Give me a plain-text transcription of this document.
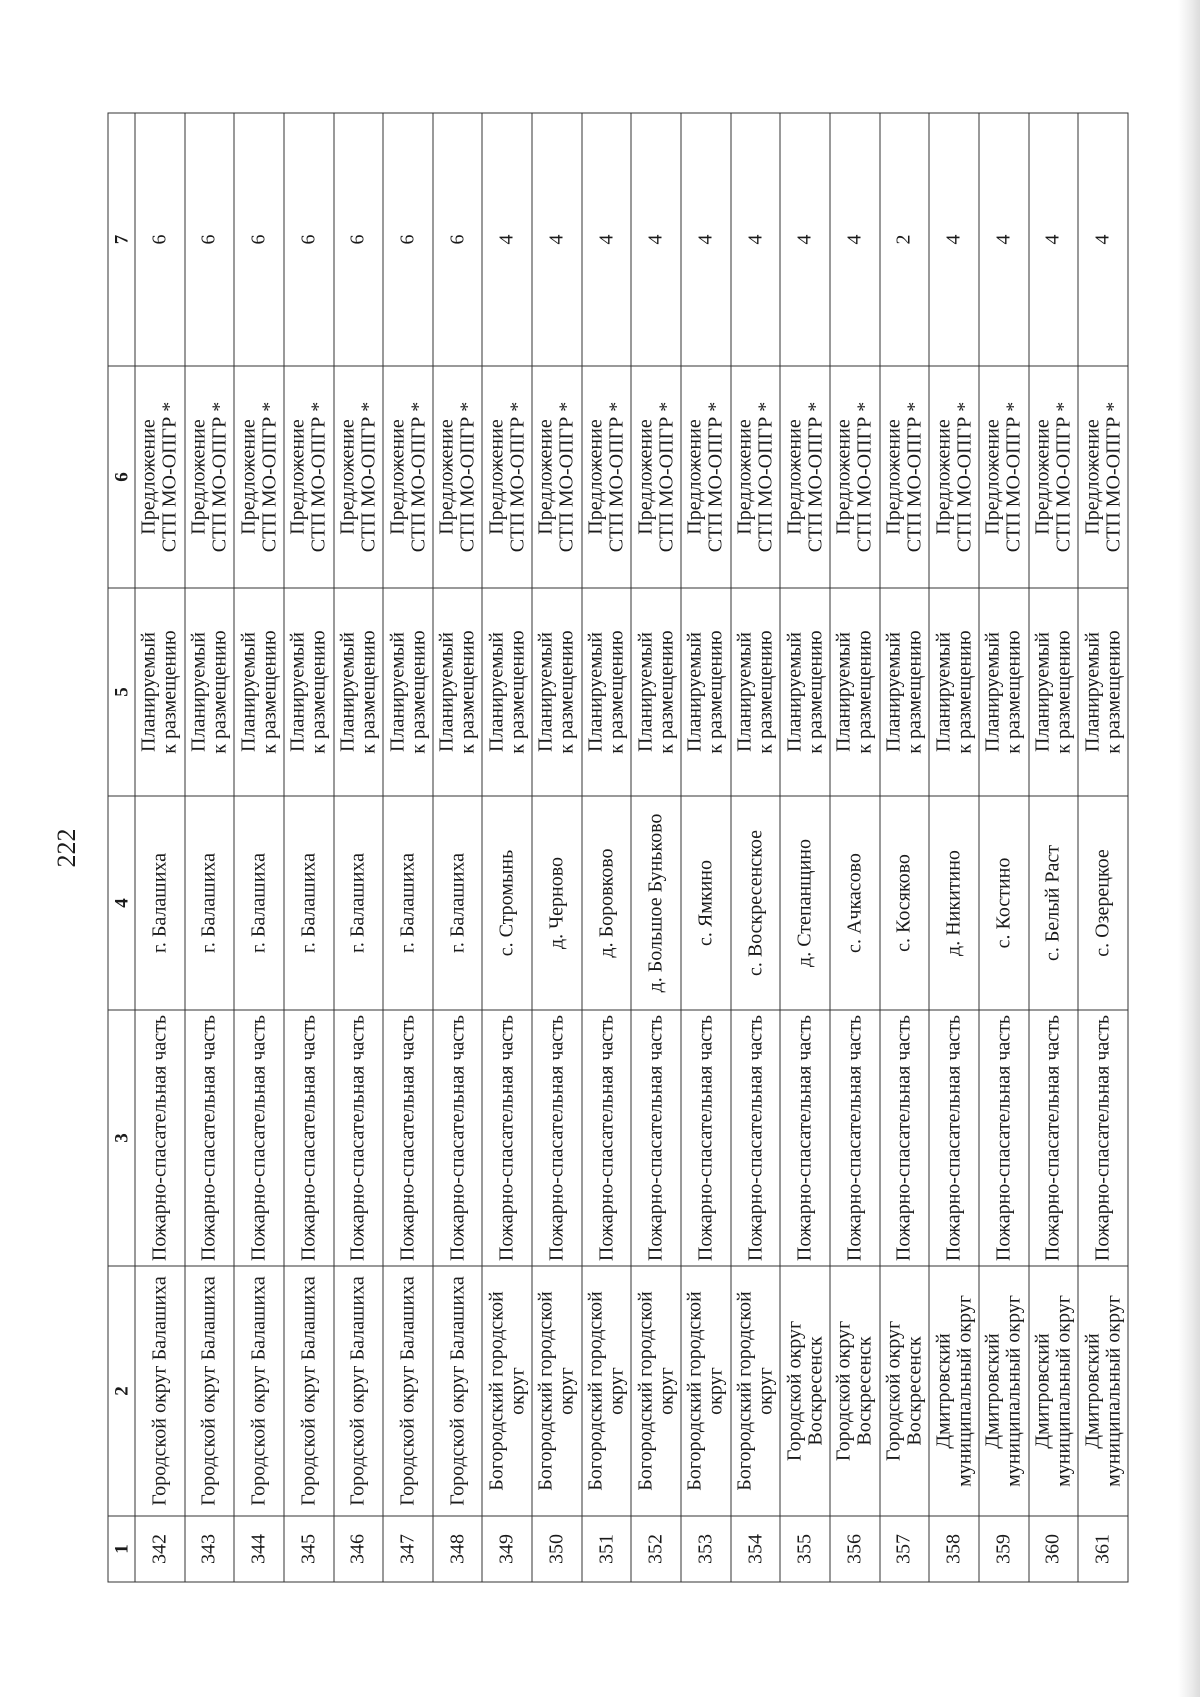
222
1	2	3	4	5	6	7
342	Городской округ Балашиха	Пожарно-спасательная часть	г. Балашиха	Планируемый к размещению	Предложение СТП МО-ОПГР *	6
343	Городской округ Балашиха	Пожарно-спасательная часть	г. Балашиха	Планируемый к размещению	Предложение СТП МО-ОПГР *	6
344	Городской округ Балашиха	Пожарно-спасательная часть	г. Балашиха	Планируемый к размещению	Предложение СТП МО-ОПГР *	6
345	Городской округ Балашиха	Пожарно-спасательная часть	г. Балашиха	Планируемый к размещению	Предложение СТП МО-ОПГР *	6
346	Городской округ Балашиха	Пожарно-спасательная часть	г. Балашиха	Планируемый к размещению	Предложение СТП МО-ОПГР *	6
347	Городской округ Балашиха	Пожарно-спасательная часть	г. Балашиха	Планируемый к размещению	Предложение СТП МО-ОПГР *	6
348	Городской округ Балашиха	Пожарно-спасательная часть	г. Балашиха	Планируемый к размещению	Предложение СТП МО-ОПГР *	6
349	Богородский городской округ	Пожарно-спасательная часть	с. Стромынь	Планируемый к размещению	Предложение СТП МО-ОПГР *	4
350	Богородский городской округ	Пожарно-спасательная часть	д. Черново	Планируемый к размещению	Предложение СТП МО-ОПГР *	4
351	Богородский городской округ	Пожарно-спасательная часть	д. Боровково	Планируемый к размещению	Предложение СТП МО-ОПГР *	4
352	Богородский городской округ	Пожарно-спасательная часть	д. Большое Буньково	Планируемый к размещению	Предложение СТП МО-ОПГР *	4
353	Богородский городской округ	Пожарно-спасательная часть	с. Ямкино	Планируемый к размещению	Предложение СТП МО-ОПГР *	4
354	Богородский городской округ	Пожарно-спасательная часть	с. Воскресенское	Планируемый к размещению	Предложение СТП МО-ОПГР *	4
355	Городской округ Воскресенск	Пожарно-спасательная часть	д. Степанщино	Планируемый к размещению	Предложение СТП МО-ОПГР *	4
356	Городской округ Воскресенск	Пожарно-спасательная часть	с. Ачкасово	Планируемый к размещению	Предложение СТП МО-ОПГР *	4
357	Городской округ Воскресенск	Пожарно-спасательная часть	с. Косяково	Планируемый к размещению	Предложение СТП МО-ОПГР *	2
358	Дмитровский муниципальный округ	Пожарно-спасательная часть	д. Никитино	Планируемый к размещению	Предложение СТП МО-ОПГР *	4
359	Дмитровский муниципальный округ	Пожарно-спасательная часть	с. Костино	Планируемый к размещению	Предложение СТП МО-ОПГР *	4
360	Дмитровский муниципальный округ	Пожарно-спасательная часть	с. Белый Раст	Планируемый к размещению	Предложение СТП МО-ОПГР *	4
361	Дмитровский муниципальный округ	Пожарно-спасательная часть	с. Озерецкое	Планируемый к размещению	Предложение СТП МО-ОПГР *	4
